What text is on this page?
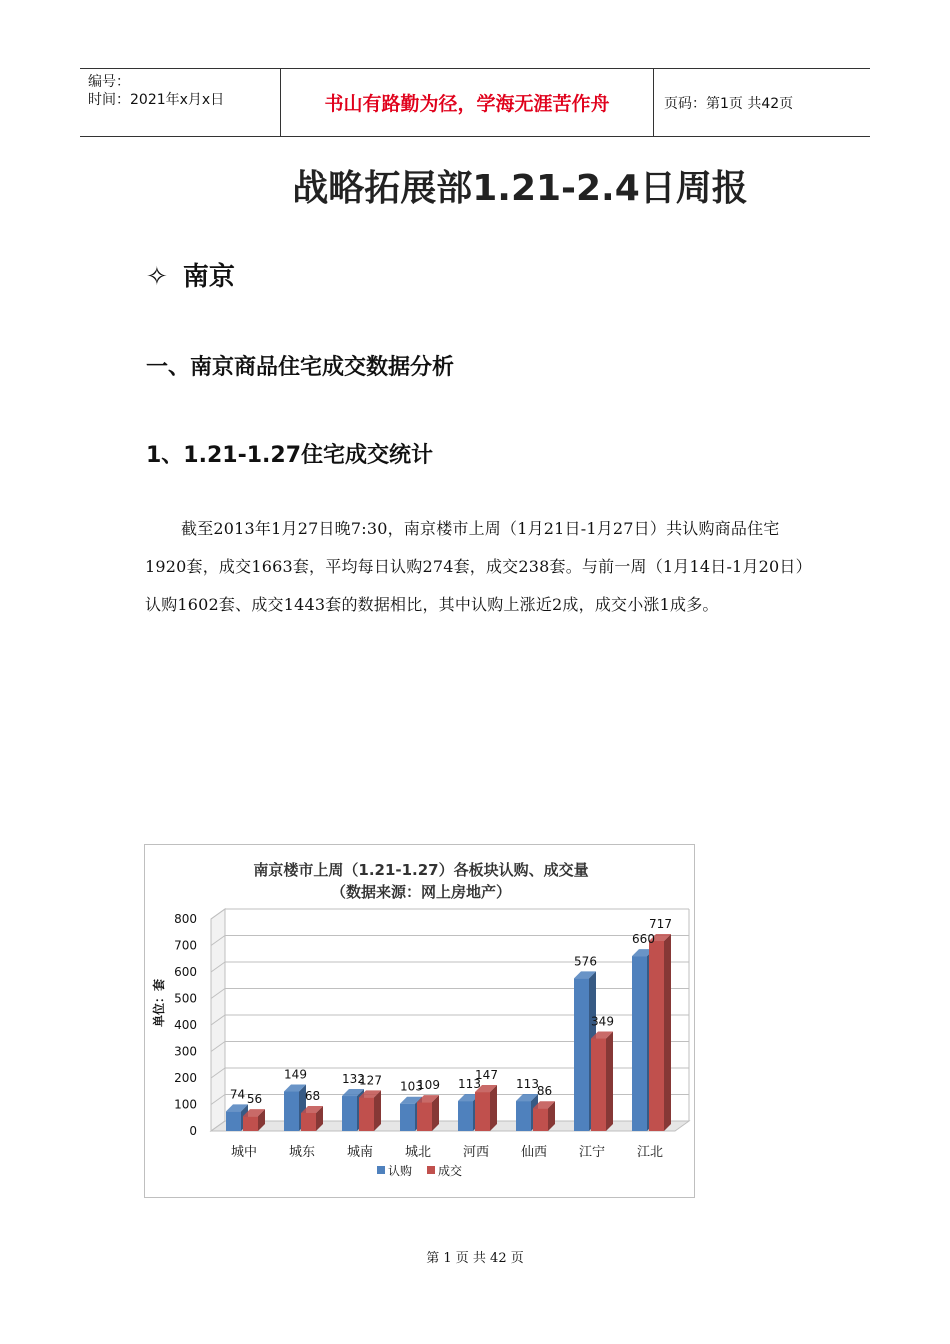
编号：
时间：2021年x月x日	书山有路勤为径，学海无涯苦作舟	页码：第1页 共42页
战略拓展部1.21-2.4日周报
✧ 南京
一、南京商品住宅成交数据分析
1、1.21-1.27住宅成交统计
截至2013年1月27日晚7:30，南京楼市上周（1月21日-1月27日）共认购商品住宅1920套，成交1663套，平均每日认购274套，成交238套。与前一周（1月14日-1月20日）认购1602套、成交1443套的数据相比，其中认购上涨近2成，成交小涨1成多。
南京楼市上周（1.21-1.27）各板块认购、成交量
（数据来源：网上房地产）
单位：套
0
100
200
300
400
500
600
700
800
城中
74 56
城东
149
68
城南
132
127
城北
103
109
河西
113
147
仙西
113
86
江宁
576
349
江北
660
717
认购 成交
第 1 页 共 42 页
